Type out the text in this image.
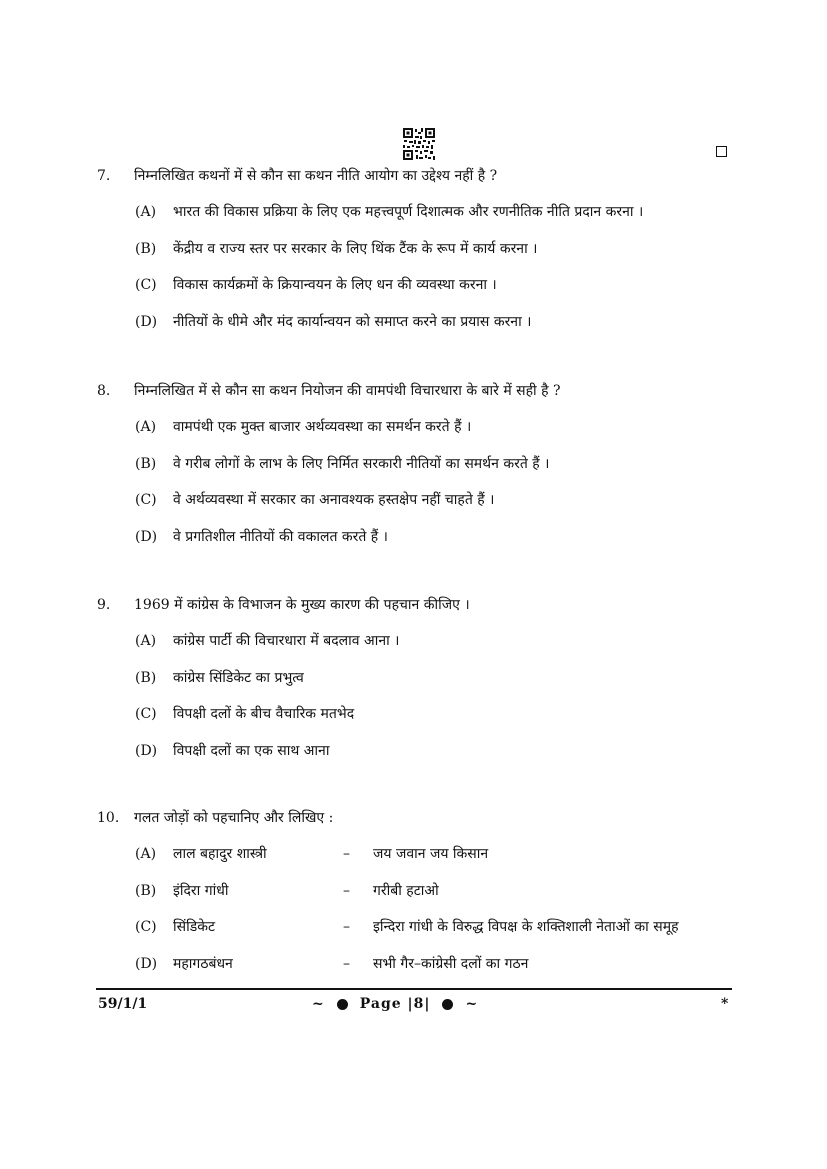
7.	निम्नलिखित कथनों में से कौन सा कथन नीति आयोग का उद्देश्य नहीं है ?
(A)	भारत की विकास प्रक्रिया के लिए एक महत्त्वपूर्ण दिशात्मक और रणनीतिक नीति प्रदान करना ।
(B)	केंद्रीय व राज्य स्तर पर सरकार के लिए थिंक टैंक के रूप में कार्य करना ।
(C)	विकास कार्यक्रमों के क्रियान्वयन के लिए धन की व्यवस्था करना ।
(D)	नीतियों के धीमे और मंद कार्यान्वयन को समाप्त करने का प्रयास करना ।
8.	निम्नलिखित में से कौन सा कथन नियोजन की वामपंथी विचारधारा के बारे में सही है ?
(A)	वामपंथी एक मुक्त बाजार अर्थव्यवस्था का समर्थन करते हैं ।
(B)	वे गरीब लोगों के लाभ के लिए निर्मित सरकारी नीतियों का समर्थन करते हैं ।
(C)	वे अर्थव्यवस्था में सरकार का अनावश्यक हस्तक्षेप नहीं चाहते हैं ।
(D)	वे प्रगतिशील नीतियों की वकालत करते हैं ।
9.	1969 में कांग्रेस के विभाजन के मुख्य कारण की पहचान कीजिए ।
(A)	कांग्रेस पार्टी की विचारधारा में बदलाव आना ।
(B)	कांग्रेस सिंडिकेट का प्रभुत्व
(C)	विपक्षी दलों के बीच वैचारिक मतभेद
(D)	विपक्षी दलों का एक साथ आना
10.	गलत जोड़ों को पहचानिए और लिखिए :
(A)	लाल बहादुर शास्त्री	–	जय जवान जय किसान
(B)	इंदिरा गांधी	–	गरीबी हटाओ
(C)	सिंडिकेट	–	इन्दिरा गांधी के विरुद्ध विपक्ष के शक्तिशाली नेताओं का समूह
(D)	महागठबंधन	–	सभी गैर–कांग्रेसी दलों का गठन
59/1/1	~	Page |8|	~	*
